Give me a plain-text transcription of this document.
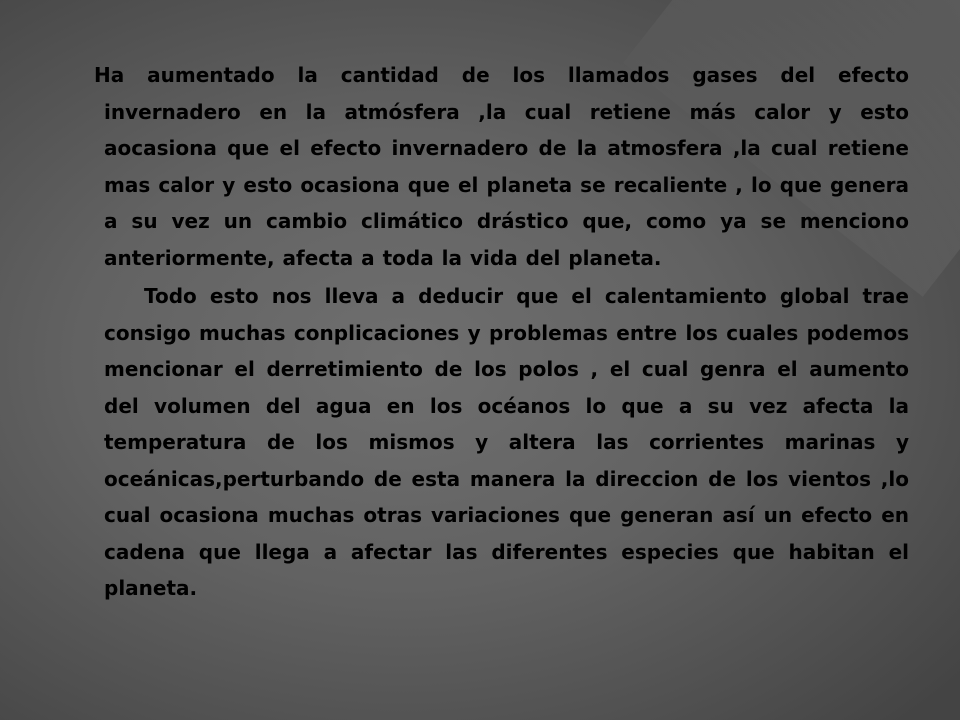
Ha aumentado la cantidad de los llamados gases del efecto invernadero en la atmósfera ,la cual retiene más calor y esto aocasiona que el efecto invernadero de la atmosfera ,la cual retiene mas calor y esto ocasiona que el planeta se recaliente , lo que genera a su vez un cambio climático drástico que, como ya se menciono anteriormente, afecta a toda la vida del planeta.

Todo esto nos lleva a deducir que el calentamiento global trae consigo muchas conplicaciones y problemas entre los cuales podemos mencionar el derretimiento de los polos , el cual genra el aumento del volumen del agua en los océanos lo que a su vez afecta la temperatura de los mismos y altera las corrientes marinas y oceánicas,perturbando de esta manera la direccion de los vientos ,lo cual ocasiona muchas otras variaciones que generan así un efecto en cadena que llega a afectar las diferentes especies que habitan el planeta.
